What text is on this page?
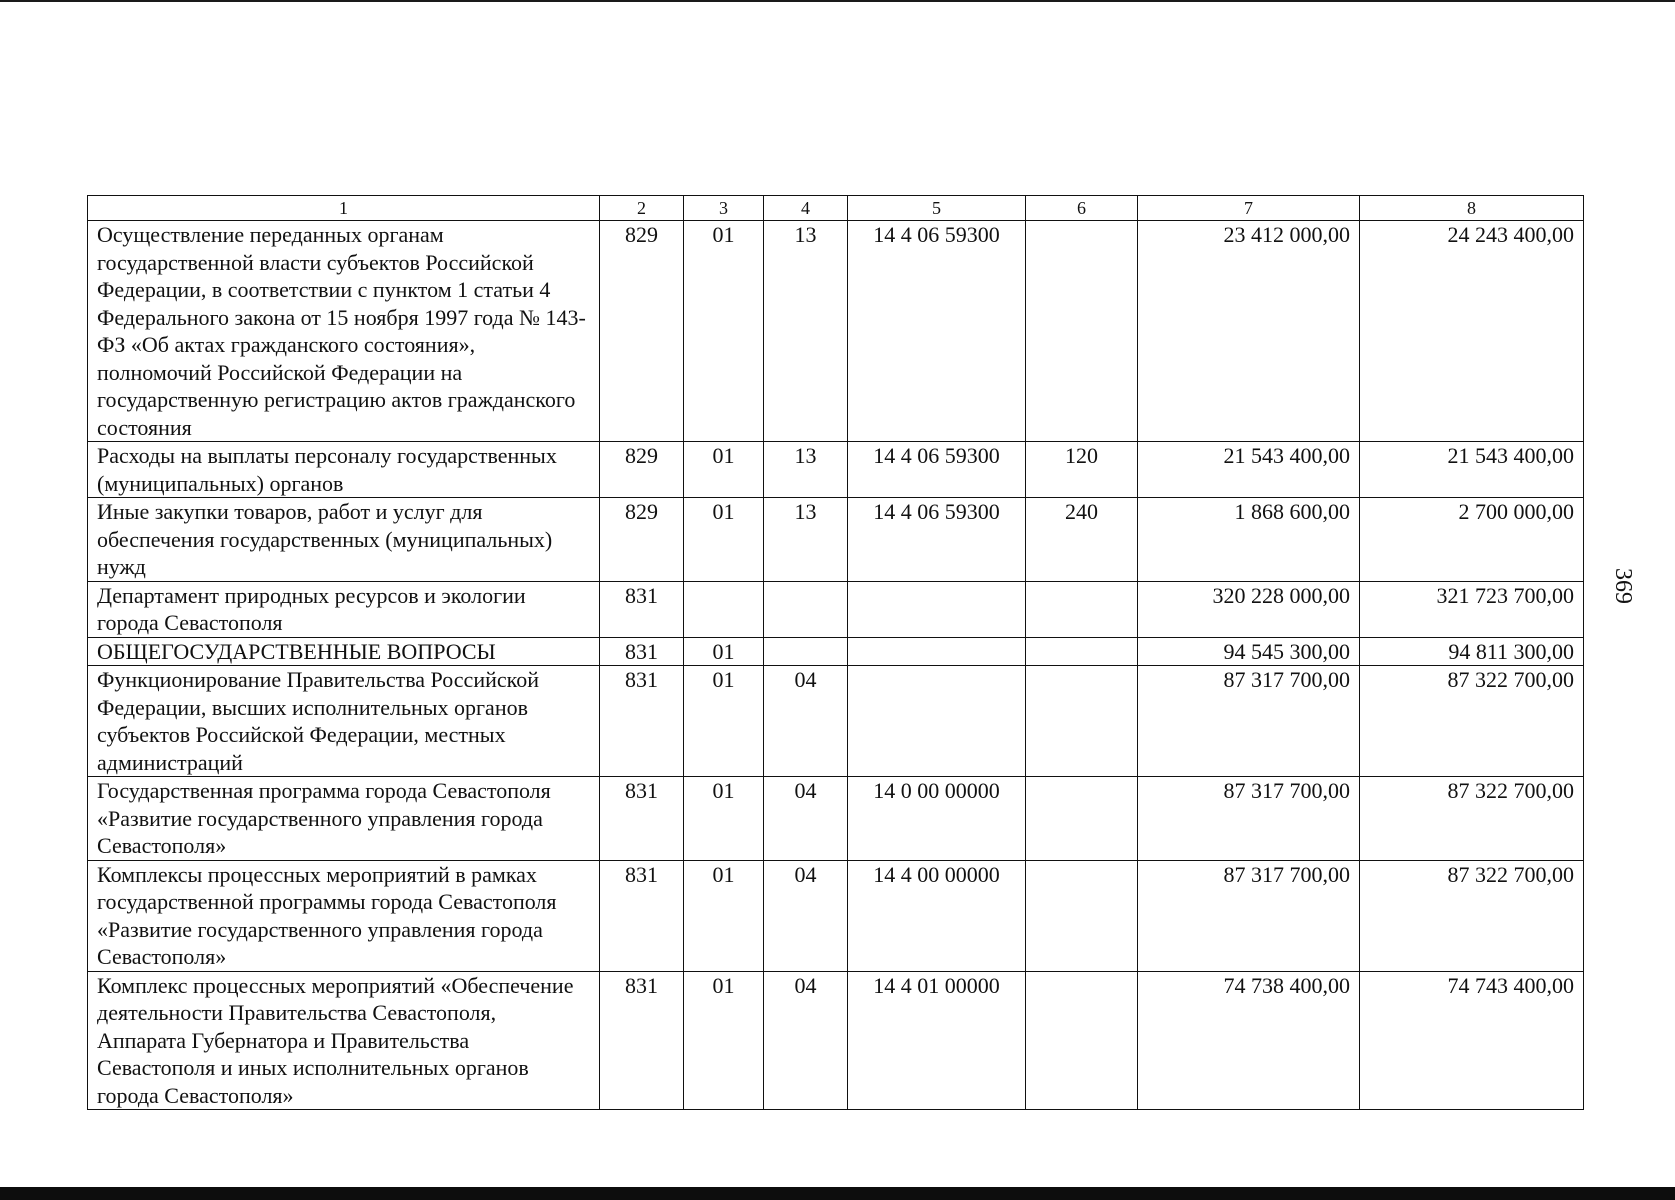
1	2	3	4	5	6	7	8
Осуществление переданных органам государственной власти субъектов Российской Федерации, в соответствии с пунктом 1 статьи 4 Федерального закона от 15 ноября 1997 года № 143-ФЗ «Об актах гражданского состояния», полномочий Российской Федерации на государственную регистрацию актов гражданского состояния	829	01	13	14 4 06 59300		23 412 000,00	24 243 400,00
Расходы на выплаты персоналу государственных (муниципальных) органов	829	01	13	14 4 06 59300	120	21 543 400,00	21 543 400,00
Иные закупки товаров, работ и услуг для обеспечения государственных (муниципальных) нужд	829	01	13	14 4 06 59300	240	1 868 600,00	2 700 000,00
Департамент природных ресурсов и экологии города Севастополя	831					320 228 000,00	321 723 700,00
ОБЩЕГОСУДАРСТВЕННЫЕ ВОПРОСЫ	831	01				94 545 300,00	94 811 300,00
Функционирование Правительства Российской Федерации, высших исполнительных органов субъектов Российской Федерации, местных администраций	831	01	04			87 317 700,00	87 322 700,00
Государственная программа города Севастополя «Развитие государственного управления города Севастополя»	831	01	04	14 0 00 00000		87 317 700,00	87 322 700,00
Комплексы процессных мероприятий в рамках государственной программы города Севастополя «Развитие государственного управления города Севастополя»	831	01	04	14 4 00 00000		87 317 700,00	87 322 700,00
Комплекс процессных мероприятий «Обеспечение деятельности Правительства Севастополя, Аппарата Губернатора и Правительства Севастополя и иных исполнительных органов города Севастополя»	831	01	04	14 4 01 00000		74 738 400,00	74 743 400,00
369
